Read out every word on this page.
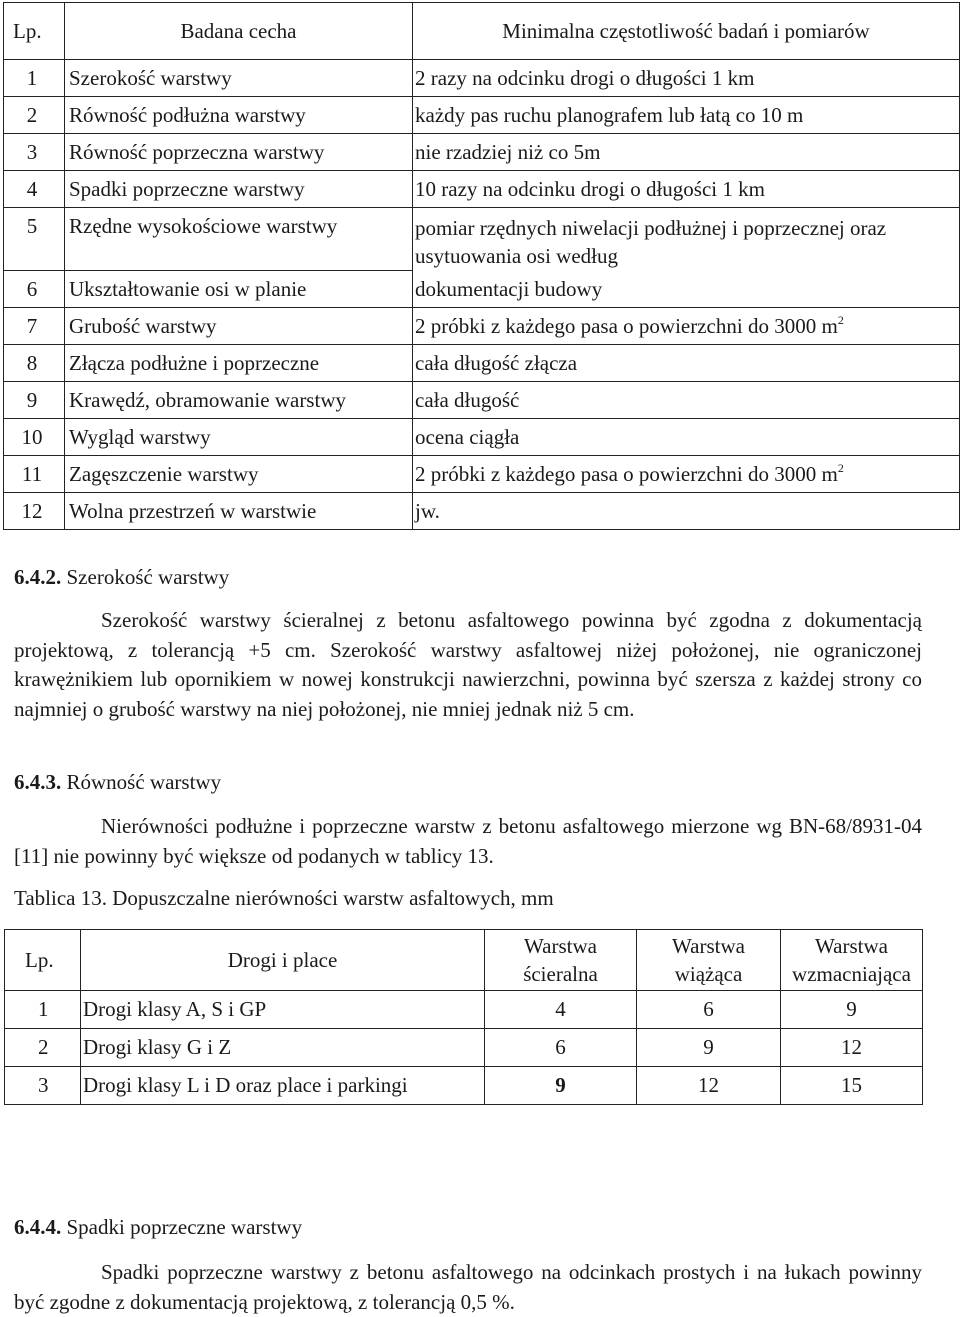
Lp.	Badana cecha	Minimalna częstotliwość badań i pomiarów
1	Szerokość warstwy	2 razy na odcinku drogi o długości 1 km
2	Równość podłużna warstwy	każdy pas ruchu planografem lub łatą co 10 m
3	Równość poprzeczna warstwy	nie rzadziej niż co 5m
4	Spadki poprzeczne warstwy	10 razy na odcinku drogi o długości 1 km
5	Rzędne wysokościowe warstwy	pomiar rzędnych niwelacji podłużnej i poprzecznej oraz usytuowania osi według
6	Ukształtowanie osi w planie	dokumentacji budowy
7	Grubość warstwy	2 próbki z każdego pasa o powierzchni do 3000 $m^2$
8	Złącza podłużne i poprzeczne	cała długość złącza
9	Krawędź, obramowanie warstwy	cała długość
10	Wygląd warstwy	ocena ciągła
11	Zagęszczenie warstwy	2 próbki z każdego pasa o powierzchni do 3000 $m^2$
12	Wolna przestrzeń w warstwie	jw.
6.4.2. Szerokość warstwy
Szerokość warstwy ścieralnej z betonu asfaltowego powinna być zgodna z dokumentacją projektową, z tolerancją +5 cm. Szerokość warstwy asfaltowej niżej położonej, nie ograniczonej krawężnikiem lub opornikiem w nowej konstrukcji nawierzchni, powinna być szersza z każdej strony co najmniej o grubość warstwy na niej położonej, nie mniej jednak niż 5 cm.
6.4.3. Równość warstwy
Nierówności podłużne i poprzeczne warstw z betonu asfaltowego mierzone wg BN-68/8931-04 [11] nie powinny być większe od podanych w tablicy 13.
Tablica 13. Dopuszczalne nierówności warstw asfaltowych, mm
Lp.	Drogi i place	Warstwa ścieralna	Warstwa wiążąca	Warstwa wzmacniająca
1	Drogi klasy A, S i GP	4	6	9
2	Drogi klasy G i Z	6	9	12
3	Drogi klasy L i D oraz place i parkingi	9	12	15
6.4.4. Spadki poprzeczne warstwy
Spadki poprzeczne warstwy z betonu asfaltowego na odcinkach prostych i na łukach powinny być zgodne z dokumentacją projektową, z tolerancją 0,5 %.
